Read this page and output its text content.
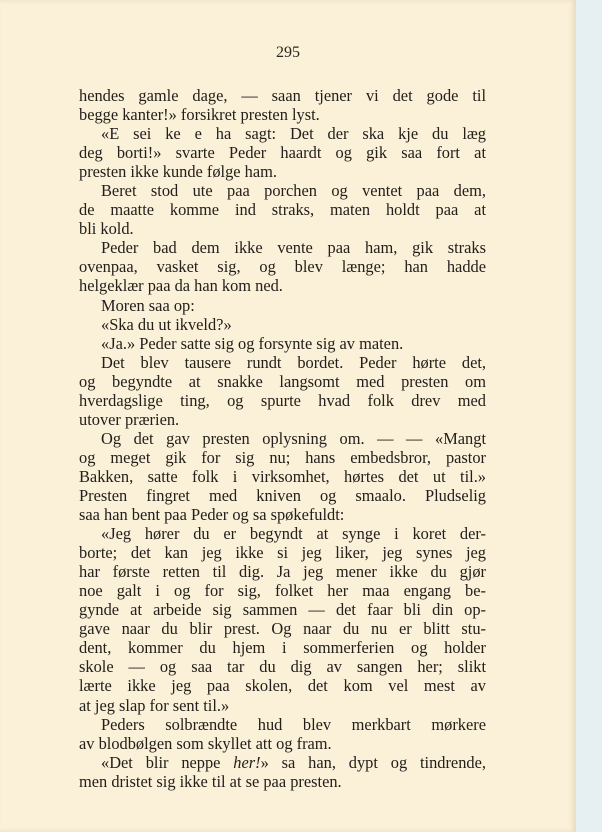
295
hendes gamle dage, — saan tjener vi det gode til
begge kanter!» forsikret presten lyst.
«E sei ke e ha sagt: Det der ska kje du læg
deg borti!» svarte Peder haardt og gik saa fort at
presten ikke kunde følge ham.
Beret stod ute paa porchen og ventet paa dem,
de maatte komme ind straks, maten holdt paa at
bli kold.
Peder bad dem ikke vente paa ham, gik straks
ovenpaa, vasket sig, og blev længe; han hadde
helgeklær paa da han kom ned.
Moren saa op:
«Ska du ut ikveld?»
«Ja.» Peder satte sig og forsynte sig av maten.
Det blev tausere rundt bordet. Peder hørte det,
og begyndte at snakke langsomt med presten om
hverdagslige ting, og spurte hvad folk drev med
utover prærien.
Og det gav presten oplysning om. — — «Mangt
og meget gik for sig nu; hans embedsbror, pastor
Bakken, satte folk i virksomhet, hørtes det ut til.»
Presten fingret med kniven og smaalo. Pludselig
saa han bent paa Peder og sa spøkefuldt:
«Jeg hører du er begyndt at synge i koret der-
borte; det kan jeg ikke si jeg liker, jeg synes jeg
har første retten til dig. Ja jeg mener ikke du gjør
noe galt i og for sig, folket her maa engang be-
gynde at arbeide sig sammen — det faar bli din op-
gave naar du blir prest. Og naar du nu er blitt stu-
dent, kommer du hjem i sommerferien og holder
skole — og saa tar du dig av sangen her; slikt
lærte ikke jeg paa skolen, det kom vel mest av
at jeg slap for sent til.»
Peders solbrændte hud blev merkbart mørkere
av blodbølgen som skyllet att og fram.
«Det blir neppe her!» sa han, dypt og tindrende,
men dristet sig ikke til at se paa presten.
